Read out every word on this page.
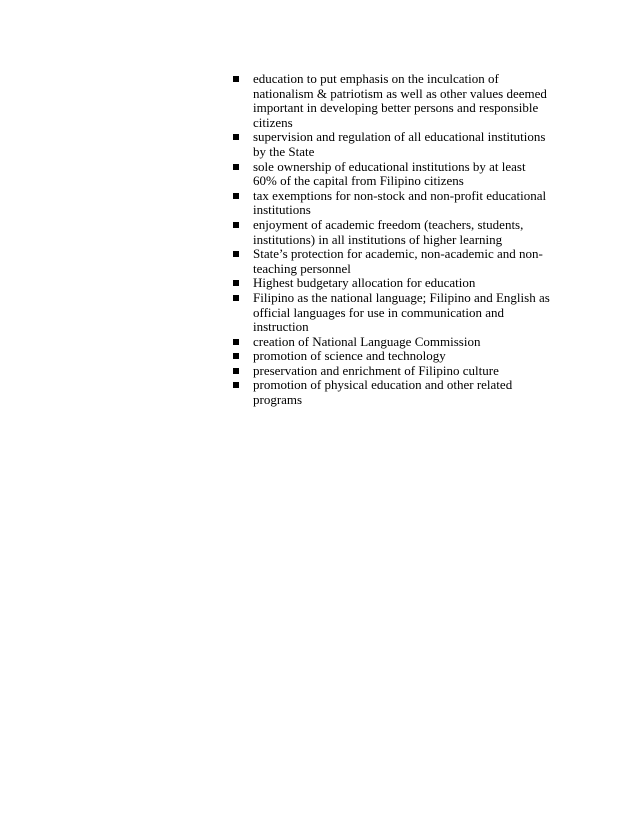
education to put emphasis on the inculcation of nationalism & patriotism as well as other values deemed important in developing better persons and responsible citizens
supervision and regulation of all educational institutions by the State
sole ownership of educational institutions by at least 60% of the capital from Filipino citizens
tax exemptions for non-stock and non-profit educational institutions
enjoyment of academic freedom (teachers, students, institutions) in all institutions of higher learning
State’s protection for academic, non-academic and non-teaching personnel
Highest budgetary allocation for education
Filipino as the national language; Filipino and English as official languages for use in communication and instruction
creation of National Language Commission
promotion of science and technology
preservation and enrichment of Filipino culture
promotion of physical education and other related programs
